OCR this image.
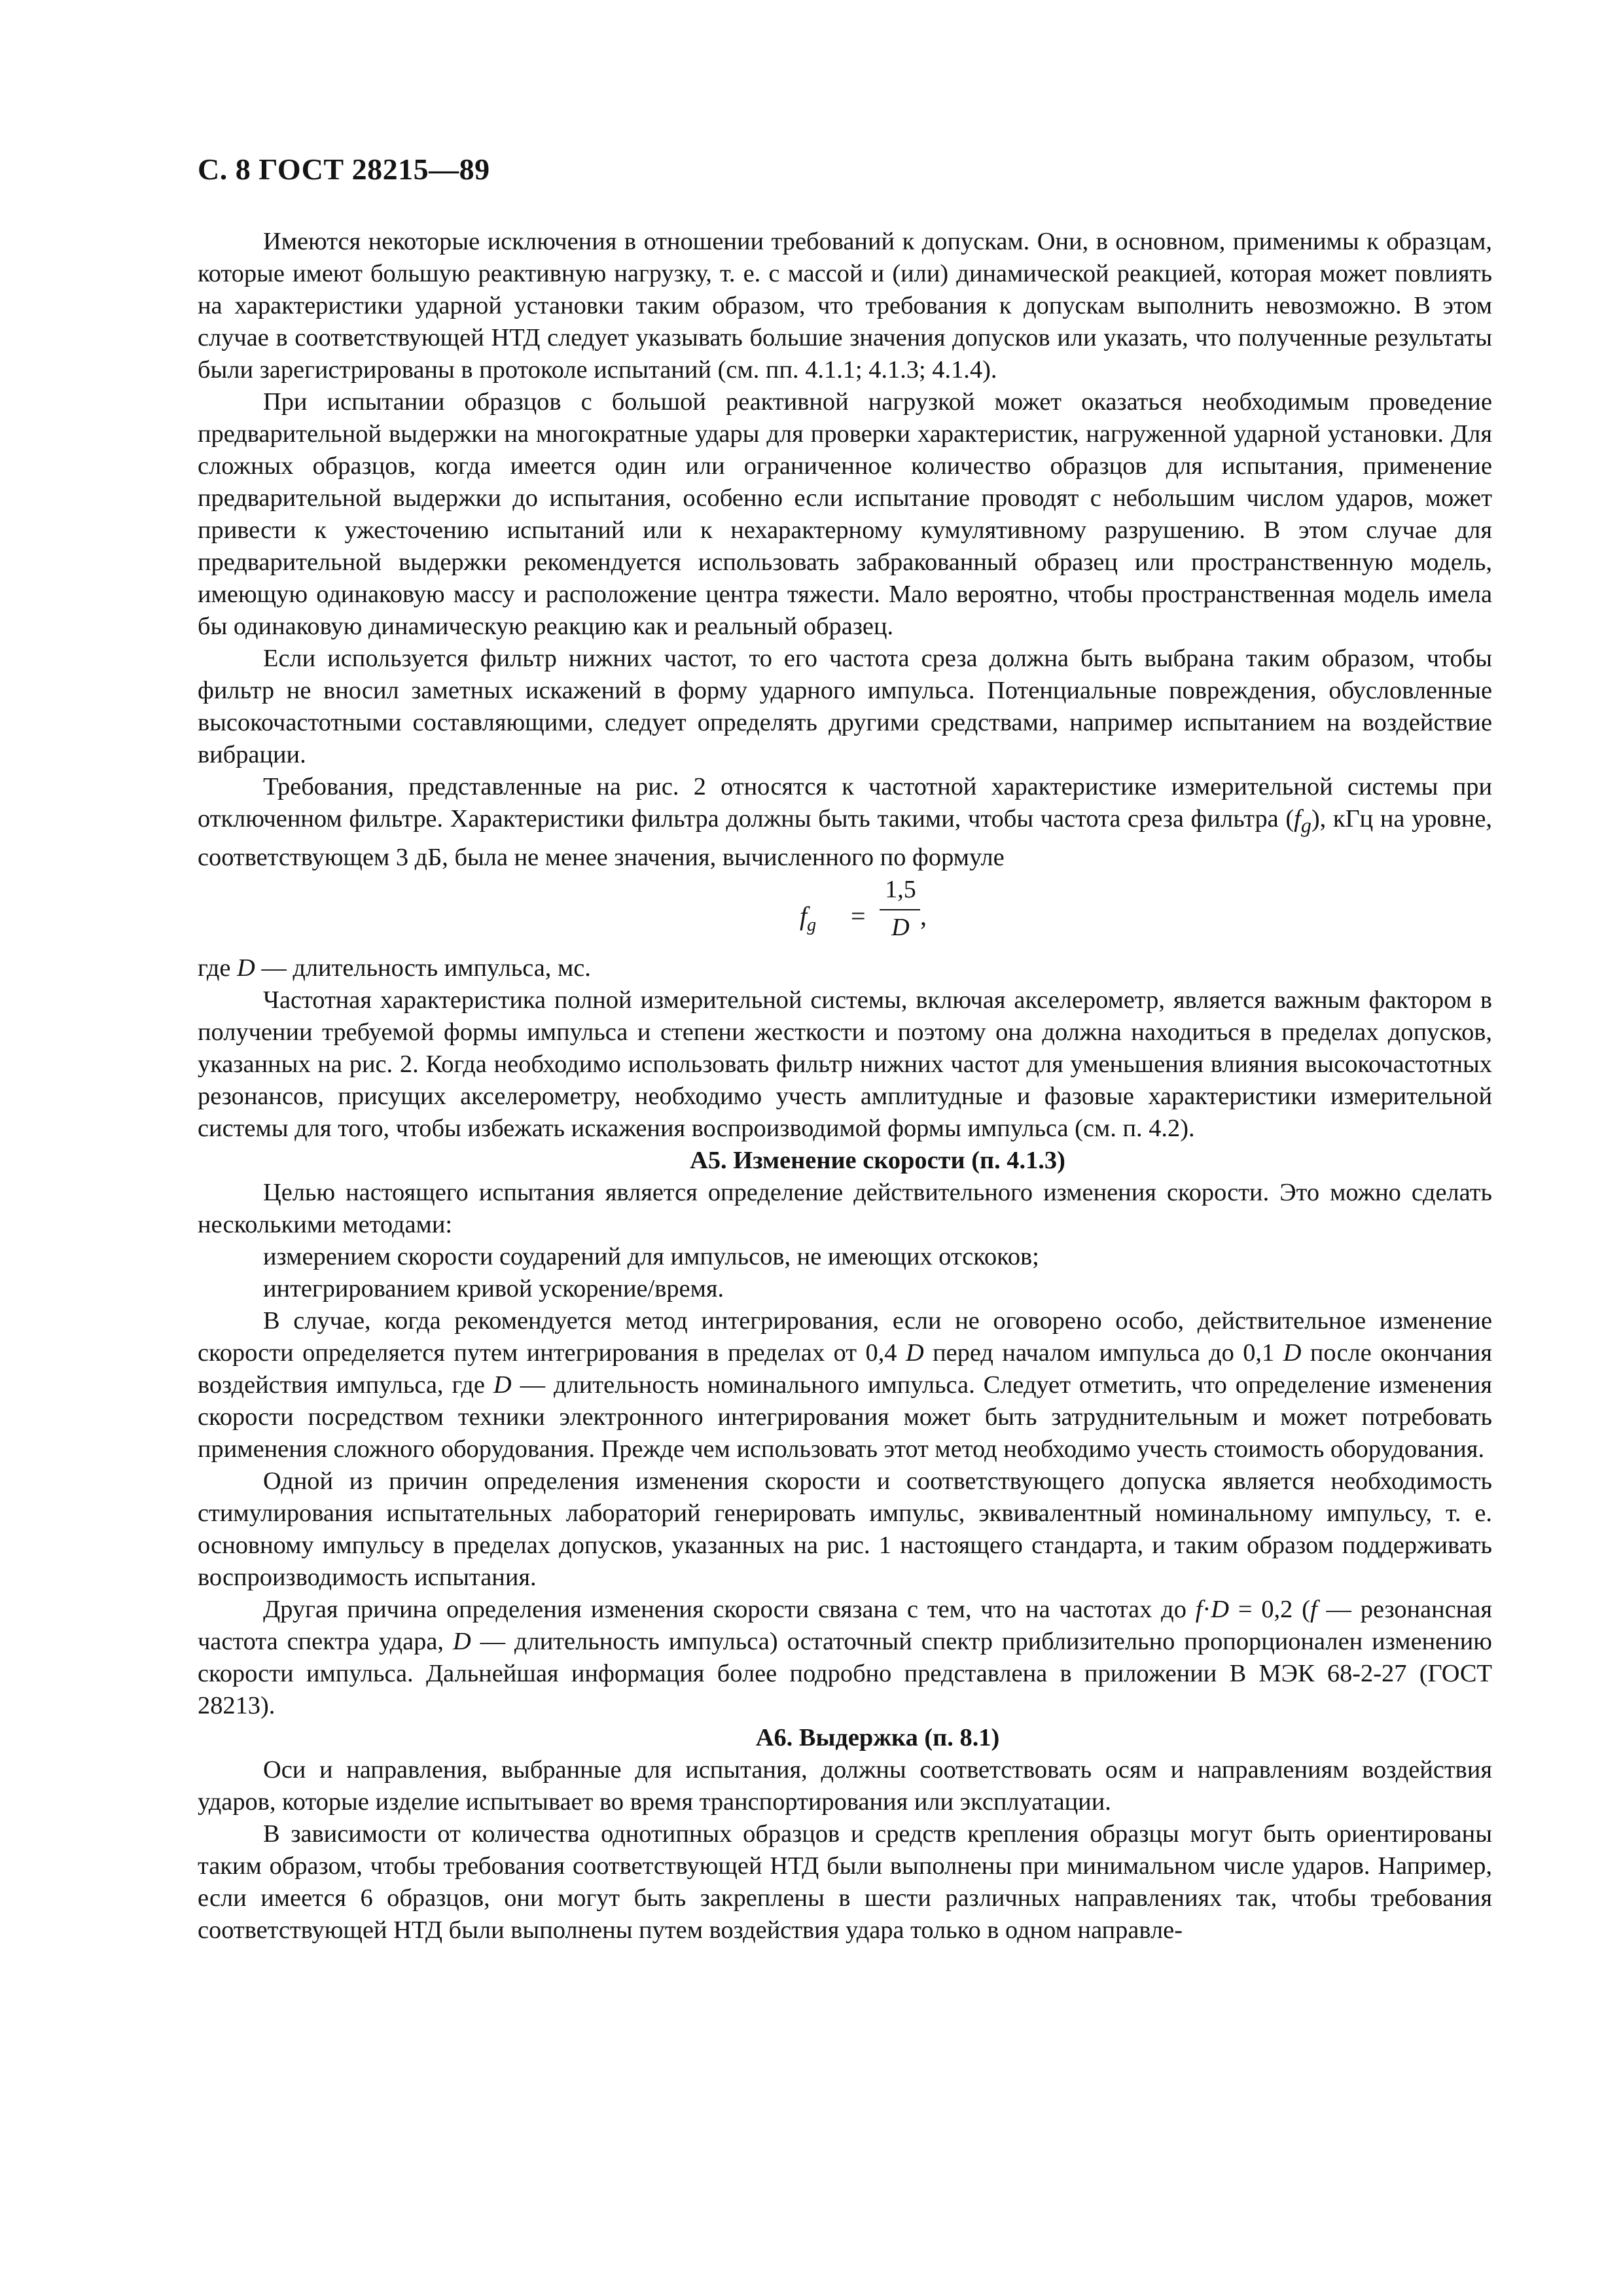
С. 8 ГОСТ 28215—89

Имеются некоторые исключения в отношении требований к допускам. Они, в основном, применимы к образцам, которые имеют большую реактивную нагрузку, т. е. с массой и (или) динамической реакцией, которая может повлиять на характеристики ударной установки таким образом, что требования к допускам выполнить невозможно. В этом случае в соответствующей НТД следует указывать большие значения допусков или указать, что полученные результаты были зарегистрированы в протоколе испытаний (см. пп. 4.1.1; 4.1.3; 4.1.4).

При испытании образцов с большой реактивной нагрузкой может оказаться необходимым проведение предварительной выдержки на многократные удары для проверки характеристик, нагруженной ударной установки. Для сложных образцов, когда имеется один или ограниченное количество образцов для испытания, применение предварительной выдержки до испытания, особенно если испытание проводят с небольшим числом ударов, может привести к ужесточению испытаний или к нехарактерному кумулятивному разрушению. В этом случае для предварительной выдержки рекомендуется использовать забракованный образец или пространственную модель, имеющую одинаковую массу и расположение центра тяжести. Мало вероятно, чтобы пространственная модель имела бы одинаковую динамическую реакцию как и реальный образец.

Если используется фильтр нижних частот, то его частота среза должна быть выбрана таким образом, чтобы фильтр не вносил заметных искажений в форму ударного импульса. Потенциальные повреждения, обусловленные высокочастотными составляющими, следует определять другими средствами, например испытанием на воздействие вибрации.

Требования, представленные на рис. 2 относятся к частотной характеристике измерительной системы при отключенном фильтре. Характеристики фильтра должны быть такими, чтобы частота среза фильтра $(f_g)$, кГц на уровне, соответствующем 3 дБ, была не менее значения, вычисленного по формуле

$f_g$ =
1,5
D ,

где D — длительность импульса, мс.

Частотная характеристика полной измерительной системы, включая акселерометр, является важным фактором в получении требуемой формы импульса и степени жесткости и поэтому она должна находиться в пределах допусков, указанных на рис. 2. Когда необходимо использовать фильтр нижних частот для уменьшения влияния высокочастотных резонансов, присущих акселерометру, необходимо учесть амплитудные и фазовые характеристики измерительной системы для того, чтобы избежать искажения воспроизводимой формы импульса (см. п. 4.2).

А5. Изменение скорости (п. 4.1.3)

Целью настоящего испытания является определение действительного изменения скорости. Это можно сделать несколькими методами:

измерением скорости соударений для импульсов, не имеющих отскоков;

интегрированием кривой ускорение/время.

В случае, когда рекомендуется метод интегрирования, если не оговорено особо, действительное изменение скорости определяется путем интегрирования в пределах от 0,4 D перед началом импульса до 0,1 D после окончания воздействия импульса, где D — длительность номинального импульса. Следует отметить, что определение изменения скорости посредством техники электронного интегрирования может быть затруднительным и может потребовать применения сложного оборудования. Прежде чем использовать этот метод необходимо учесть стоимость оборудования.

Одной из причин определения изменения скорости и соответствующего допуска является необходимость стимулирования испытательных лабораторий генерировать импульс, эквивалентный номинальному импульсу, т. е. основному импульсу в пределах допусков, указанных на рис. 1 настоящего стандарта, и таким образом поддерживать воспроизводимость испытания.

Другая причина определения изменения скорости связана с тем, что на частотах до f·D = 0,2 (f — резонансная частота спектра удара, D — длительность импульса) остаточный спектр приблизительно пропорционален изменению скорости импульса. Дальнейшая информация более подробно представлена в приложении В МЭК 68-2-27 (ГОСТ 28213).

А6. Выдержка (п. 8.1)

Оси и направления, выбранные для испытания, должны соответствовать осям и направлениям воздействия ударов, которые изделие испытывает во время транспортирования или эксплуатации.

В зависимости от количества однотипных образцов и средств крепления образцы могут быть ориентированы таким образом, чтобы требования соответствующей НТД были выполнены при минимальном числе ударов. Например, если имеется 6 образцов, они могут быть закреплены в шести различных направлениях так, чтобы требования соответствующей НТД были выполнены путем воздействия удара только в одном направле-
